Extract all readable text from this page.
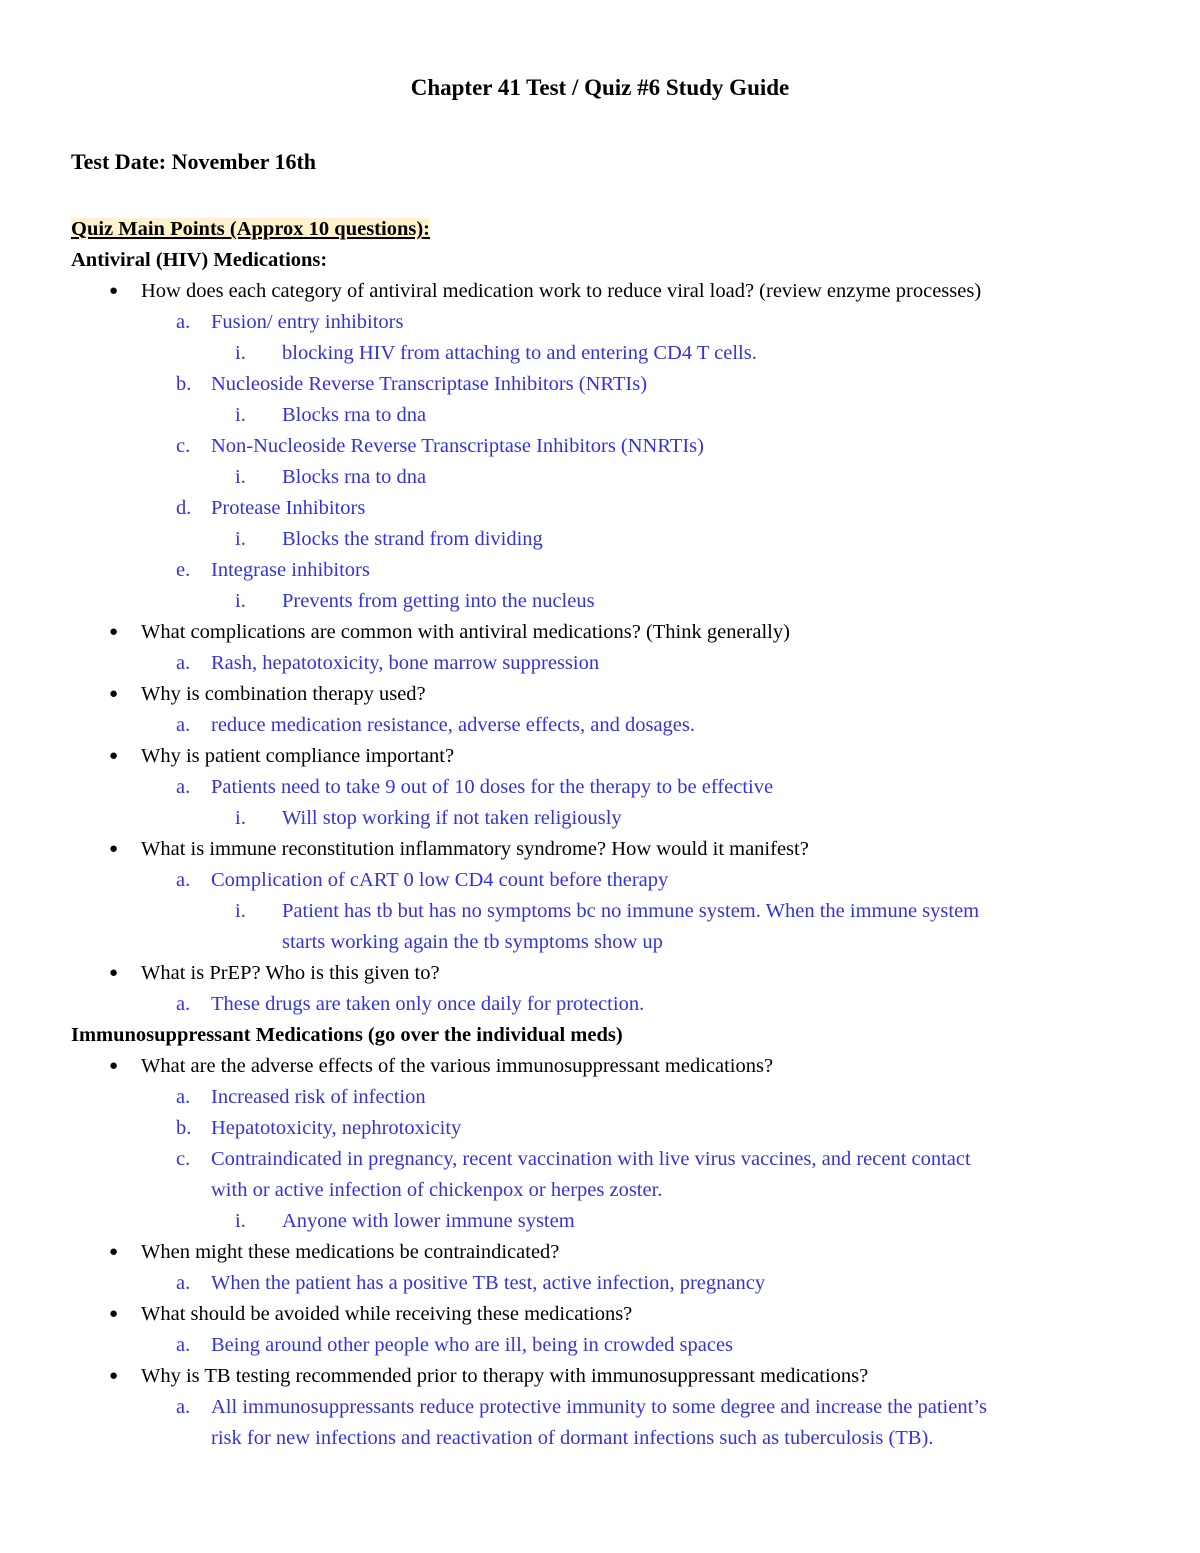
Chapter 41 Test / Quiz #6 Study Guide
Test Date: November 16th
Quiz Main Points (Approx 10 questions):
Antiviral (HIV) Medications:
● How does each category of antiviral medication work to reduce viral load? (review enzyme processes)
a. Fusion/ entry inhibitors
i. blocking HIV from attaching to and entering CD4 T cells.
b. Nucleoside Reverse Transcriptase Inhibitors (NRTIs)
i. Blocks rna to dna
c. Non-Nucleoside Reverse Transcriptase Inhibitors (NNRTIs)
i. Blocks rna to dna
d. Protease Inhibitors
i. Blocks the strand from dividing
e. Integrase inhibitors
i. Prevents from getting into the nucleus
● What complications are common with antiviral medications? (Think generally)
a. Rash, hepatotoxicity, bone marrow suppression
● Why is combination therapy used?
a. reduce medication resistance, adverse effects, and dosages.
● Why is patient compliance important?
a. Patients need to take 9 out of 10 doses for the therapy to be effective
i. Will stop working if not taken religiously
● What is immune reconstitution inflammatory syndrome? How would it manifest?
a. Complication of cART 0 low CD4 count before therapy
i. Patient has tb but has no symptoms bc no immune system. When the immune system
starts working again the tb symptoms show up
● What is PrEP? Who is this given to?
a. These drugs are taken only once daily for protection.
Immunosuppressant Medications (go over the individual meds)
● What are the adverse effects of the various immunosuppressant medications?
a. Increased risk of infection
b. Hepatotoxicity, nephrotoxicity
c. Contraindicated in pregnancy, recent vaccination with live virus vaccines, and recent contact
with or active infection of chickenpox or herpes zoster.
i. Anyone with lower immune system
● When might these medications be contraindicated?
a. When the patient has a positive TB test, active infection, pregnancy
● What should be avoided while receiving these medications?
a. Being around other people who are ill, being in crowded spaces
● Why is TB testing recommended prior to therapy with immunosuppressant medications?
a. All immunosuppressants reduce protective immunity to some degree and increase the patient’s
risk for new infections and reactivation of dormant infections such as tuberculosis (TB).
